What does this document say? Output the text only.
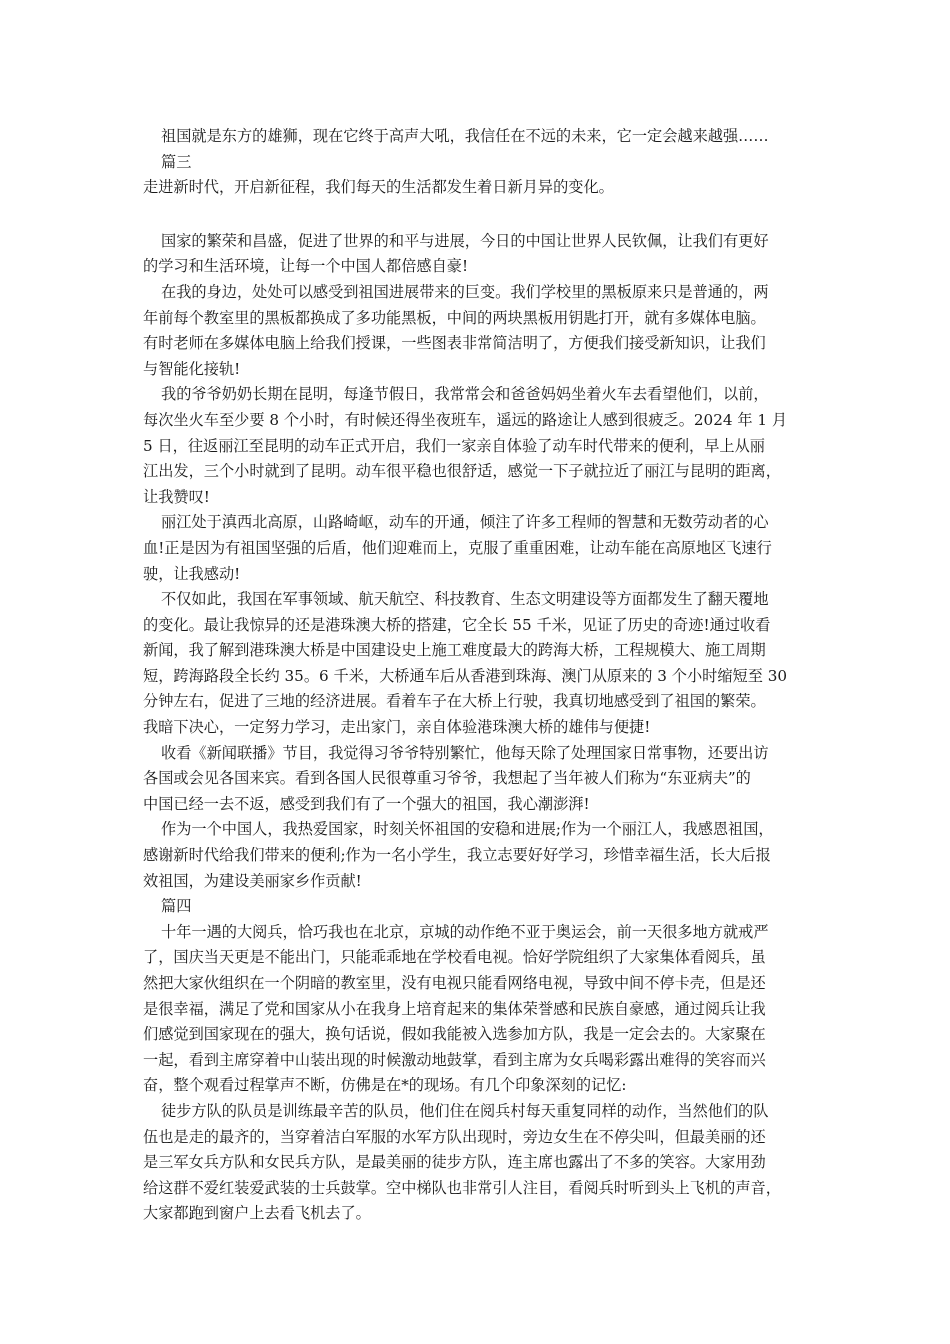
祖国就是东方的雄狮，现在它终于高声大吼，我信任在不远的未来，它一定会越来越强……
篇三
走进新时代，开启新征程，我们每天的生活都发生着日新月异的变化。
国家的繁荣和昌盛，促进了世界的和平与进展，今日的中国让世界人民钦佩，让我们有更好
的学习和生活环境，让每一个中国人都倍感自豪!
在我的身边，处处可以感受到祖国进展带来的巨变。我们学校里的黑板原来只是普通的，两
年前每个教室里的黑板都换成了多功能黑板，中间的两块黑板用钥匙打开，就有多媒体电脑。
有时老师在多媒体电脑上给我们授课，一些图表非常简洁明了，方便我们接受新知识，让我们
与智能化接轨!
我的爷爷奶奶长期在昆明，每逢节假日，我常常会和爸爸妈妈坐着火车去看望他们，以前，
每次坐火车至少要 8 个小时，有时候还得坐夜班车，遥远的路途让人感到很疲乏。2024 年 1 月
5 日，往返丽江至昆明的动车正式开启，我们一家亲自体验了动车时代带来的便利，早上从丽
江出发，三个小时就到了昆明。动车很平稳也很舒适，感觉一下子就拉近了丽江与昆明的距离，
让我赞叹!
丽江处于滇西北高原，山路崎岖，动车的开通，倾注了许多工程师的智慧和无数劳动者的心
血!正是因为有祖国坚强的后盾，他们迎难而上，克服了重重困难，让动车能在高原地区飞速行
驶，让我感动!
不仅如此，我国在军事领域、航天航空、科技教育、生态文明建设等方面都发生了翻天覆地
的变化。最让我惊异的还是港珠澳大桥的搭建，它全长 55 千米，见证了历史的奇迹!通过收看
新闻，我了解到港珠澳大桥是中国建设史上施工难度最大的跨海大桥，工程规模大、施工周期
短，跨海路段全长约 35。6 千米，大桥通车后从香港到珠海、澳门从原来的 3 个小时缩短至 30
分钟左右，促进了三地的经济进展。看着车子在大桥上行驶，我真切地感受到了祖国的繁荣。
我暗下决心，一定努力学习，走出家门，亲自体验港珠澳大桥的雄伟与便捷!
收看《新闻联播》节目，我觉得习爷爷特别繁忙，他每天除了处理国家日常事物，还要出访
各国或会见各国来宾。看到各国人民很尊重习爷爷，我想起了当年被人们称为“东亚病夫”的
中国已经一去不返，感受到我们有了一个强大的祖国，我心潮澎湃!
作为一个中国人，我热爱国家，时刻关怀祖国的安稳和进展;作为一个丽江人，我感恩祖国，
感谢新时代给我们带来的便利;作为一名小学生，我立志要好好学习，珍惜幸福生活，长大后报
效祖国，为建设美丽家乡作贡献!
篇四
十年一遇的大阅兵，恰巧我也在北京，京城的动作绝不亚于奥运会，前一天很多地方就戒严
了，国庆当天更是不能出门，只能乖乖地在学校看电视。恰好学院组织了大家集体看阅兵，虽
然把大家伙组织在一个阴暗的教室里，没有电视只能看网络电视，导致中间不停卡壳，但是还
是很幸福，满足了党和国家从小在我身上培育起来的集体荣誉感和民族自豪感，通过阅兵让我
们感觉到国家现在的强大，换句话说，假如我能被入选参加方队，我是一定会去的。大家聚在
一起，看到主席穿着中山装出现的时候激动地鼓掌，看到主席为女兵喝彩露出难得的笑容而兴
奋，整个观看过程掌声不断，仿佛是在*的现场。有几个印象深刻的记忆:
徒步方队的队员是训练最辛苦的队员，他们住在阅兵村每天重复同样的动作，当然他们的队
伍也是走的最齐的，当穿着洁白军服的水军方队出现时，旁边女生在不停尖叫，但最美丽的还
是三军女兵方队和女民兵方队，是最美丽的徒步方队，连主席也露出了不多的笑容。大家用劲
给这群不爱红装爱武装的士兵鼓掌。空中梯队也非常引人注目，看阅兵时听到头上飞机的声音，
大家都跑到窗户上去看飞机去了。
